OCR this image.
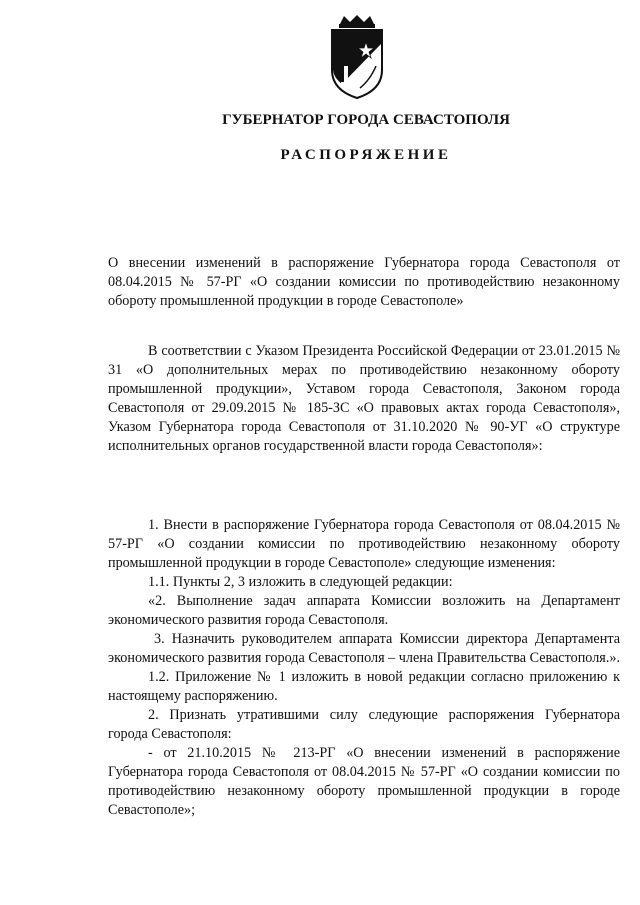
ГУБЕРНАТОР ГОРОДА СЕВАСТОПОЛЯ
РАСПОРЯЖЕНИЕ

О внесении изменений в распоряжение Губернатора города Севастополя от 08.04.2015 № 57-РГ «О создании комиссии по противодействию незаконному обороту промышленной продукции в городе Севастополе»

В соответствии с Указом Президента Российской Федерации от 23.01.2015 № 31 «О дополнительных мерах по противодействию незаконному обороту промышленной продукции», Уставом города Севастополя, Законом города Севастополя от 29.09.2015 № 185-ЗС «О правовых актах города Севастополя», Указом Губернатора города Севастополя от 31.10.2020 № 90-УГ «О структуре исполнительных органов государственной власти города Севастополя»:

1. Внести в распоряжение Губернатора города Севастополя от 08.04.2015 № 57-РГ «О создании комиссии по противодействию незаконному обороту промышленной продукции в городе Севастополе» следующие изменения:

1.1. Пункты 2, 3 изложить в следующей редакции:

«2. Выполнение задач аппарата Комиссии возложить на Департамент экономического развития города Севастополя.

3. Назначить руководителем аппарата Комиссии директора Департамента экономического развития города Севастополя – члена Правительства Севастополя.».

1.2. Приложение № 1 изложить в новой редакции согласно приложению к настоящему распоряжению.

2. Признать утратившими силу следующие распоряжения Губернатора города Севастополя:

- от 21.10.2015 № 213-РГ «О внесении изменений в распоряжение Губернатора города Севастополя от 08.04.2015 № 57-РГ «О создании комиссии по противодействию незаконному обороту промышленной продукции в городе Севастополе»;
